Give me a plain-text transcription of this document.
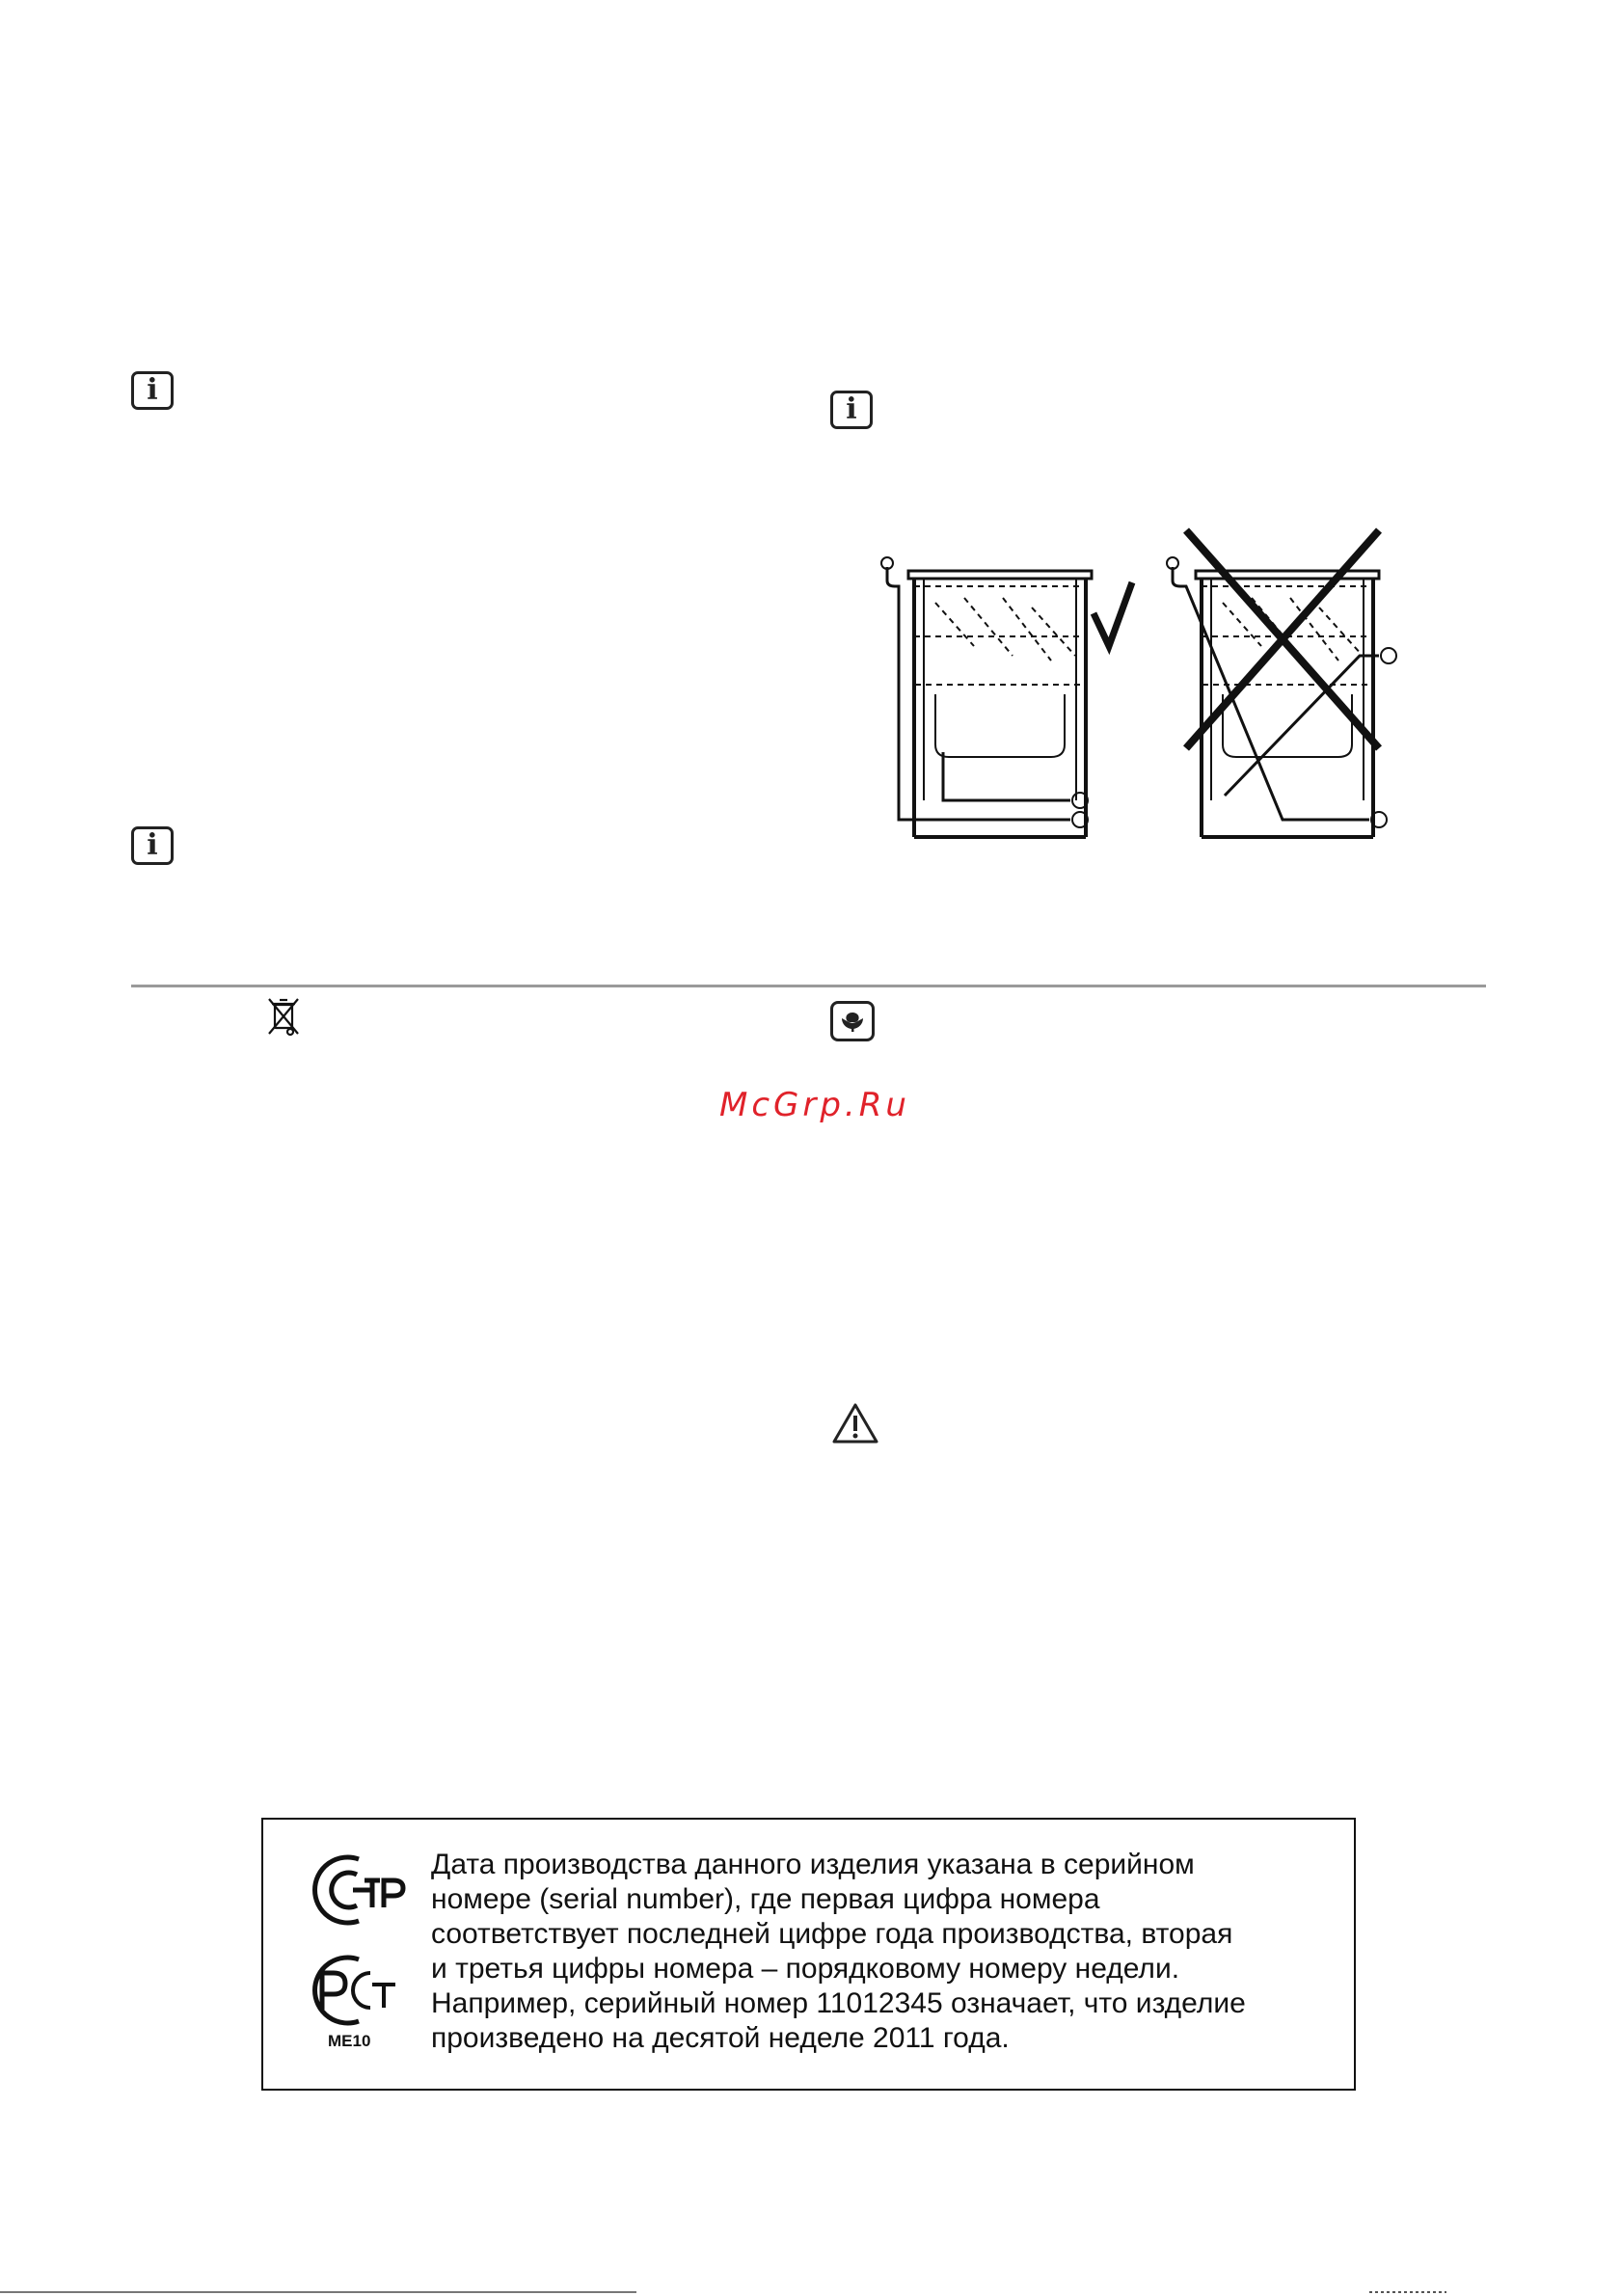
i
i
i
McGrp.Ru
ME10
Дата производства данного изделия указана в серийном
номере (serial number), где первая цифра номера
соответствует последней цифре года производства, вторая
и третья цифры номера – порядковому номеру недели.
Например, серийный номер 11012345 означает, что изделие
произведено на десятой неделе 2011 года.
